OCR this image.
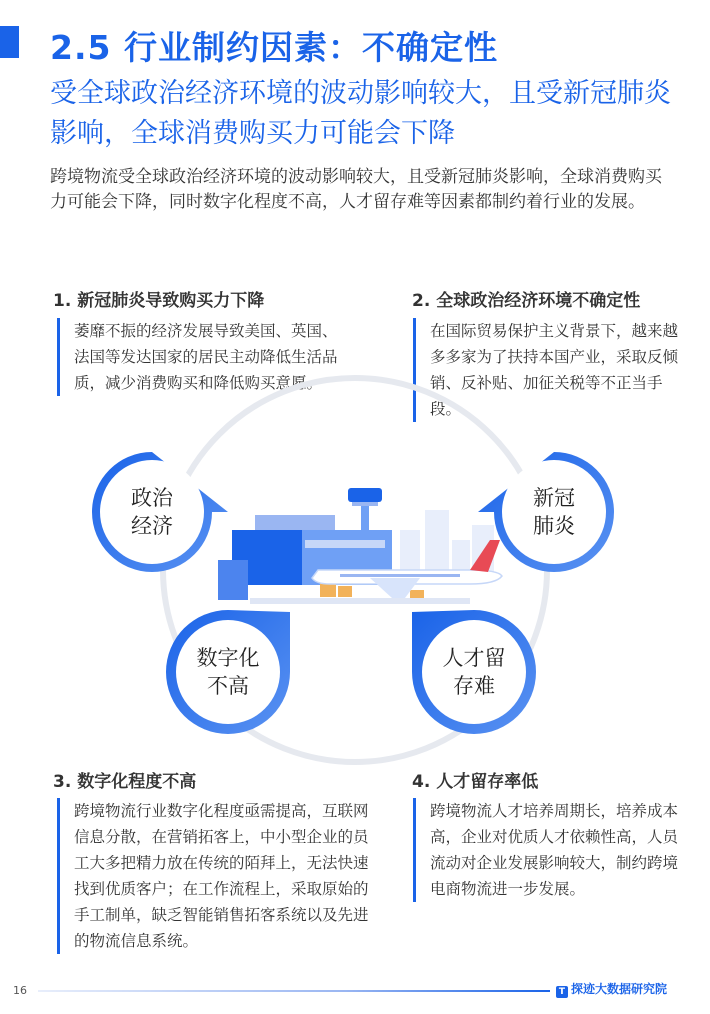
2.5 行业制约因素：不确定性
受全球政治经济环境的波动影响较大，且受新冠肺炎影响，全球消费购买力可能会下降
跨境物流受全球政治经济环境的波动影响较大，且受新冠肺炎影响，全球消费购买力可能会下降，同时数字化程度不高，人才留存难等因素都制约着行业的发展。
1. 新冠肺炎导致购买力下降
萎靡不振的经济发展导致美国、英国、法国等发达国家的居民主动降低生活品质，减少消费购买和降低购买意愿。
2. 全球政治经济环境不确定性
在国际贸易保护主义背景下，越来越多多家为了扶持本国产业，采取反倾销、反补贴、加征关税等不正当手段。
3. 数字化程度不高
跨境物流行业数字化程度亟需提高，互联网信息分散，在营销拓客上，中小型企业的员工大多把精力放在传统的陌拜上，无法快速找到优质客户；在工作流程上，采取原始的手工制单，缺乏智能销售拓客系统以及先进的物流信息系统。
4. 人才留存率低
跨境物流人才培养周期长，培养成本高，企业对优质人才依赖性高，人员流动对企业发展影响较大，制约跨境电商物流进一步发展。
政治
经济
新冠
肺炎
数字化
不高
人才留
存难
16	T 探迹大数据研究院
